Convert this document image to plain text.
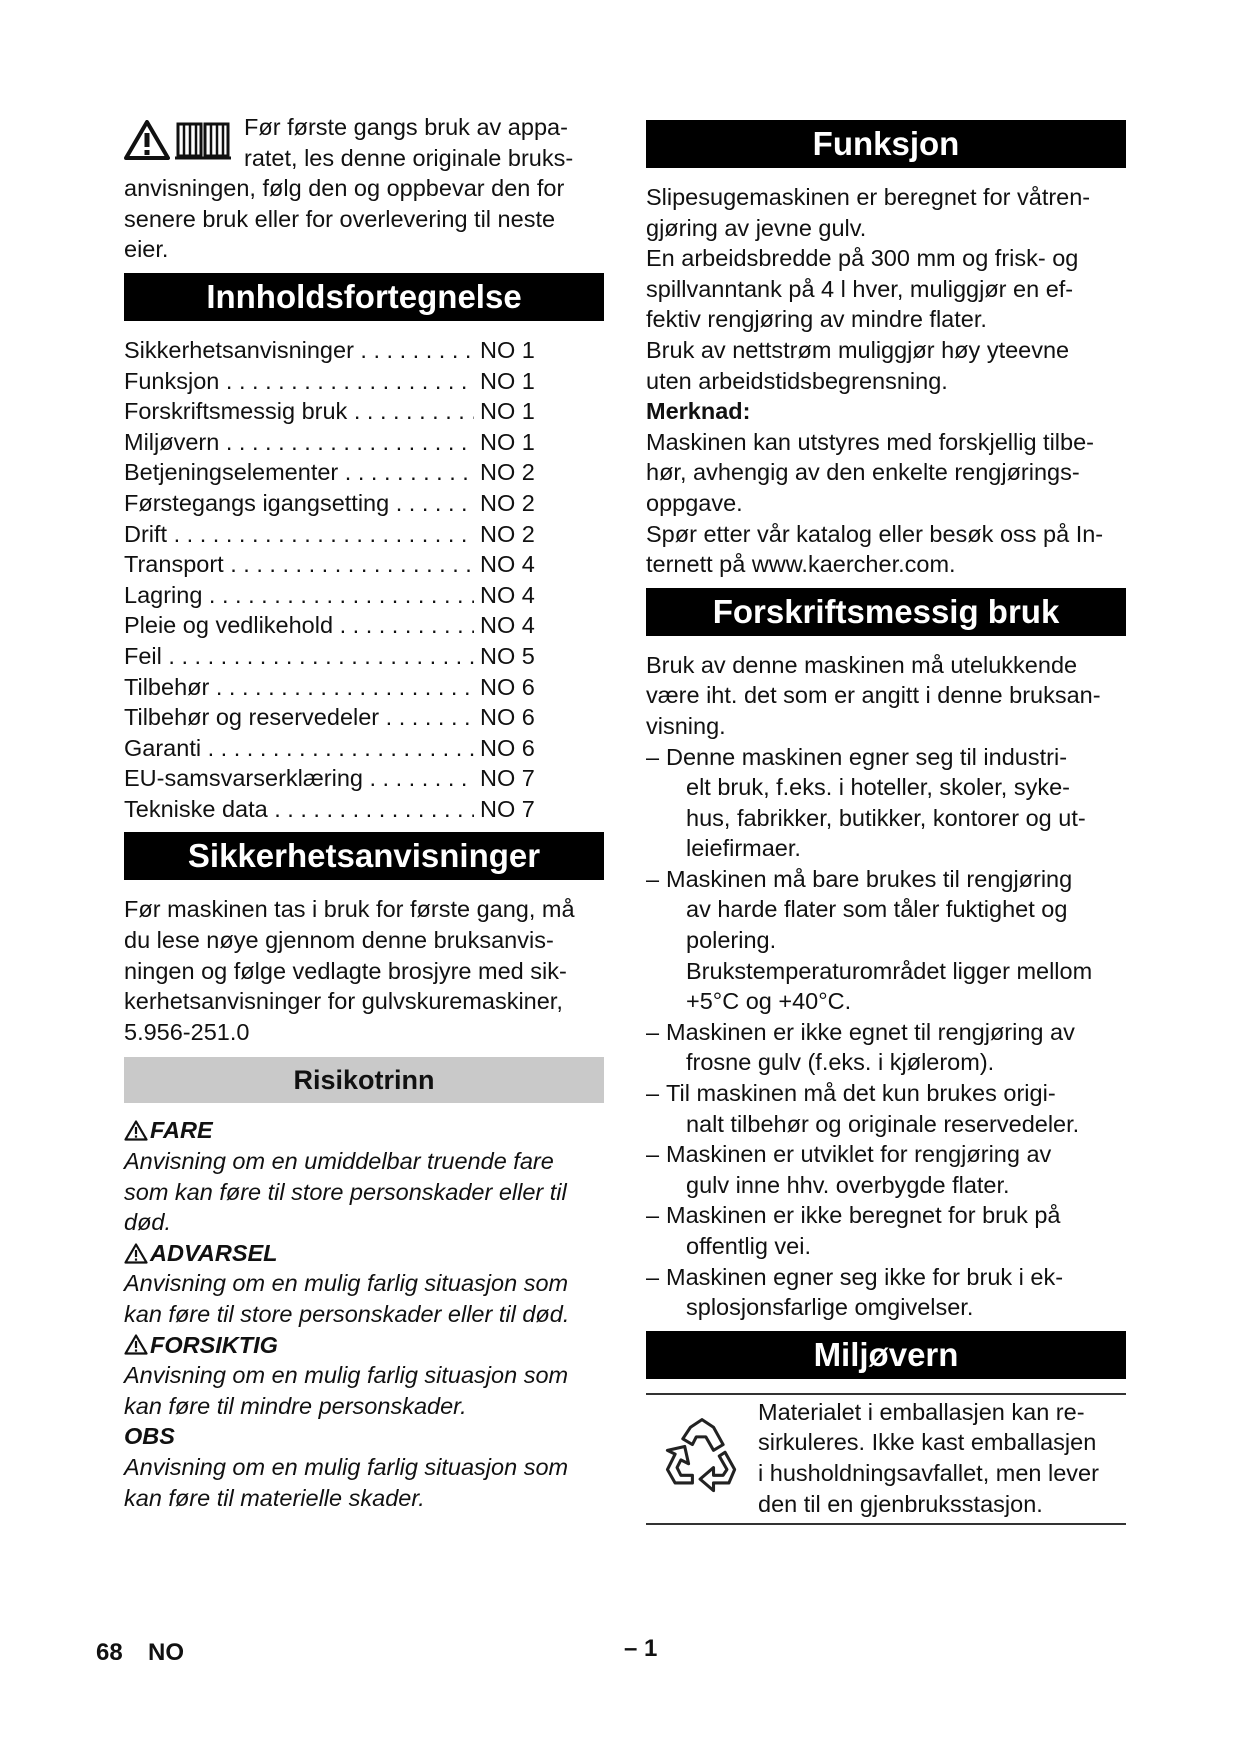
Før første gangs bruk av appa-
ratet, les denne originale bruks-
anvisningen, følg den og oppbevar den for
senere bruk eller for overlevering til neste
eier.
Innholdsfortegnelse
Sikkerhetsanvisninger . . .	NO 1
Funksjon . . .	NO 1
Forskriftsmessig bruk . . .	NO 1
Miljøvern . . .	NO 1
Betjeningselementer . . .	NO 2
Førstegangs igangsetting . . .	NO 2
Drift . . .	NO 2
Transport . . .	NO 4
Lagring . . .	NO 4
Pleie og vedlikehold . . .	NO 4
Feil . . .	NO 5
Tilbehør . . .	NO 6
Tilbehør og reservedeler . . .	NO 6
Garanti . . .	NO 6
EU-samsvarserklæring . . .	NO 7
Tekniske data . . .	NO 7
Sikkerhetsanvisninger

Før maskinen tas i bruk for første gang, må
du lese nøye gjennom denne bruksanvis-
ningen og følge vedlagte brosjyre med sik-
kerhetsanvisninger for gulvskuremaskiner,
5.956-251.0

Risikotrinn
FARE
Anvisning om en umiddelbar truende fare
som kan føre til store personskader eller til
død.
ADVARSEL
Anvisning om en mulig farlig situasjon som
kan føre til store personskader eller til død.
FORSIKTIG
Anvisning om en mulig farlig situasjon som
kan føre til mindre personskader.
OBS
Anvisning om en mulig farlig situasjon som
kan føre til materielle skader.
Funksjon

Slipesugemaskinen er beregnet for våtren-
gjøring av jevne gulv.

En arbeidsbredde på 300 mm og frisk- og
spillvanntank på 4 l hver, muliggjør en ef-
fektiv rengjøring av mindre flater.

Bruk av nettstrøm muliggjør høy yteevne
uten arbeidstidsbegrensning.

Merknad:

Maskinen kan utstyres med forskjellig tilbe-
hør, avhengig av den enkelte rengjørings-
oppgave.

Spør etter vår katalog eller besøk oss på In-
ternett på www.kaercher.com.

Forskriftsmessig bruk

Bruk av denne maskinen må utelukkende
være iht. det som er angitt i denne bruksan-
visning.

– Denne maskinen egner seg til industri-
elt bruk, f.eks. i hoteller, skoler, syke-
hus, fabrikker, butikker, kontorer og ut-
leiefirmaer.
– Maskinen må bare brukes til rengjøring
av harde flater som tåler fuktighet og
polering.
Brukstemperaturområdet ligger mellom
+5°C og +40°C.
– Maskinen er ikke egnet til rengjøring av
frosne gulv (f.eks. i kjølerom).
– Til maskinen må det kun brukes origi-
nalt tilbehør og originale reservedeler.
– Maskinen er utviklet for rengjøring av
gulv inne hhv. overbygde flater.
– Maskinen er ikke beregnet for bruk på
offentlig vei.
– Maskinen egner seg ikke for bruk i ek-
splosjonsfarlige omgivelser.
Miljøvern
Materialet i emballasjen kan re-
sirkuleres. Ikke kast emballasjen
i husholdningsavfallet, men lever
den til en gjenbruksstasjon.
68 NO	– 1
